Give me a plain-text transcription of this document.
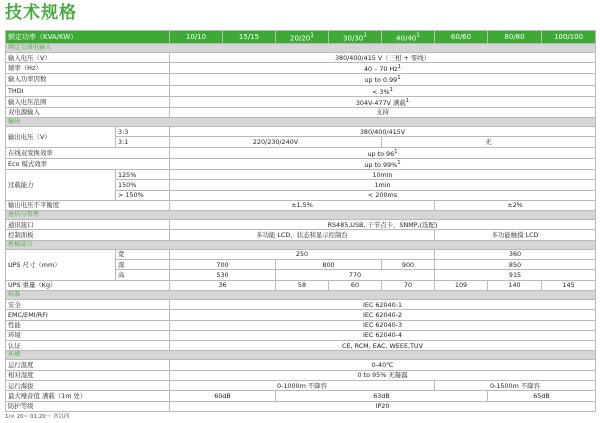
技术规格
额定功率（KVA/KW）		10/10	15/15	$20/20^1$	$30/30^1$	$40/40^1$	60/60	80/80	100/100
额定交流电输入									
输入电压（V）		380/400/415 V（三相 + 零线）							
频率（Hz）		40 – 70 Hz$^1$
输入功率因数		up to 0.99$^1$
THDI		< 3%$^1$
输入电压范围		304V-477V 满载$^1$
双电源输入		支持							
输出									
输出电压（V）	3:3	380/400/415V							
	3:1	220/230/240V				无			
在线双变换效率		up to $96^1$
Eco 模式效率		up to 99%$^1$
过载能力	125%	10min							
	150%	1min							
	> 150%	< 200ms							
输出电压不平衡度		±1.5%					±2%		
通信与管理									
通讯接口		RS485,USB, 干节点卡，SNMP,(选配)							
控制面板		多功能 LCD，状态和显示控制台					多功能触摸 LCD		
机械部分									
UPS 尺寸（mm）	宽	250					360		
	深	700		800		900	850		
	高	530		770			915		
UPS 重量（Kg）		36		58	60	70	109	140	145
标准									
安全		IEC 62040-1							
EMC/EMI/RFI		IEC 62040-2							
性能		IEC 62040-3							
环境		IEC 62040-4							
认证		CE, RCM, EAC, WEEE,TUV							
环境									
运行温度		0-40℃							
相对湿度		0 to 95% 无凝露							
运行海拔		0-1000m 不降容					0-1500m 不降容		
最大噪音值 满载（1m 处）		60dB		63dB				65dB	
防护等级		IP20							
1/∞ 20~ 01.20～ Ｂ以四
